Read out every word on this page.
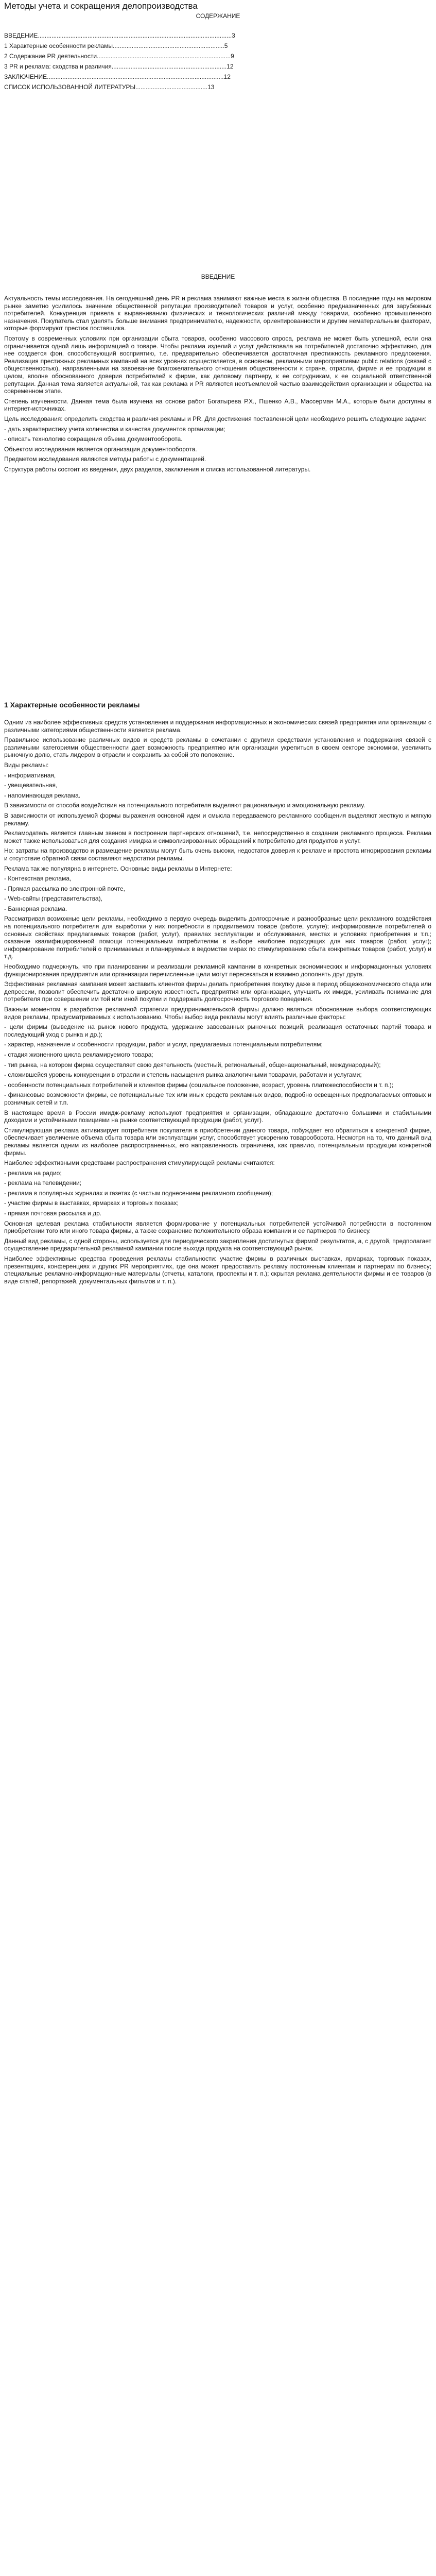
Методы учета и сокращения делопроизводства
СОДЕРЖАНИЕ
ВВЕДЕНИЕ.................................................................................................................3
1 Характерные особенности рекламы.................................................................5
2 Содержание PR деятельности..............................................................................9
3 PR и реклама: сходства и различия...................................................................12
ЗАКЛЮЧЕНИЕ.......................................................................................................12
СПИСОК ИСПОЛЬЗОВАННОЙ ЛИТЕРАТУРЫ..........................................13
ВВЕДЕНИЕ

Актуальность темы исследования. На сегодняшний день PR и реклама занимают важные места в жизни общества. В последние годы на мировом рынке заметно усилилось значение общественной репутации производителей товаров и услуг, особенно предназначенных для зарубежных потребителей. Конкуренция привела к выравниванию физических и технологических различий между товарами, особенно промышленного назначения. Покупатель стал уделять больше внимания предпринимателю, надежности, ориентированности и другим нематериальным факторам, которые формируют престиж поставщика.

Поэтому в современных условиях при организации сбыта товаров, особенно массового спроса, реклама не может быть успешной, если она ограничивается одной лишь информацией о товаре. Чтобы реклама изделий и услуг действовала на потребителей достаточно эффективно, для нее создается фон, способствующий восприятию, т.е. предварительно обеспечивается достаточная престижность рекламного предложения. Реализация престижных рекламных кампаний на всех уровнях осуществляется, в основном, рекламными мероприятиями public relations (связей с общественностью), направленными на завоевание благожелательного отношения общественности к стране, отрасли, фирме и ее продукции в целом, вполне обоснованного доверия потребителей к фирме, как деловому партнеру, к ее сотрудникам, к ее социальной ответственной репутации. Данная тема является актуальной, так как реклама и PR являются неотъемлемой частью взаимодействия организации и общества на современном этапе.

Степень изученности. Данная тема была изучена на основе работ Богатырева Р.Х., Пшенко А.В., Массерман М.А., которые были доступны в интернет-источниках.

Цель исследования: определить сходства и различия рекламы и PR. Для достижения поставленной цели необходимо решить следующие задачи:

- дать характеристику учета количества и качества документов организации;

- описать технологию сокращения объема документооборота.

Объектом исследования является организация документооборота.

Предметом исследования являются методы работы с документацией.

Структура работы состоит из введения, двух разделов, заключения и списка использованной литературы.

1 Характерные особенности рекламы

Одним из наиболее эффективных средств установления и поддержания информационных и экономических связей предприятия или организации с различными категориями общественности является реклама.

Правильное использование различных видов и средств рекламы в сочетании с другими средствами установления и поддержания связей с различными категориями общественности дает возможность предприятию или организации укрепиться в своем секторе экономики, увеличить рыночную долю, стать лидером в отрасли и сохранить за собой это положение.

Виды рекламы:

- информативная,

- увещевательная,

- напоминающая реклама.

В зависимости от способа воздействия на потенциального потребителя выделяют рациональную и эмоциональную рекламу.

В зависимости от используемой формы выражения основной идеи и смысла передаваемого рекламного сообщения выделяют жесткую и мягкую рекламу.

Рекламодатель является главным звеном в построении партнерских отношений, т.е. непосредственно в создании рекламного процесса. Реклама может также использоваться для создания имиджа и символизированных обращений к потребителю для продуктов и услуг.

Но: затраты на производство и размещение рекламы могут быть очень высоки, недостаток доверия к рекламе и простота игнорирования рекламы и отсутствие обратной связи составляют недостатки рекламы.

Реклама так же популярна в интернете. Основные виды рекламы в Интернете:

- Контекстная реклама,

- Прямая рассылка по электронной почте,

- Web-сайты (представительства),

- Баннерная реклама.

Рассматривая возможные цели рекламы, необходимо в первую очередь выделить долгосрочные и разнообразные цели рекламного воздействия на потенциального потребителя для выработки у них потребности в продвигаемом товаре (работе, услуге); информирование потребителей о основных свойствах предлагаемых товаров (работ, услуг), правилах эксплуатации и обслуживания, местах и условиях приобретения и т.п.; оказание квалифицированной помощи потенциальным потребителям в выборе наиболее подходящих для них товаров (работ, услуг); информирование потребителей о принимаемых и планируемых в ведомстве мерах по стимулированию сбыта конкретных товаров (работ, услуг) и т.д.

Необходимо подчеркнуть, что при планировании и реализации рекламной кампании в конкретных экономических и информационных условиях функционирования предприятия или организации перечисленные цели могут пересекаться и взаимно дополнять друг друга.

Эффективная рекламная кампания может заставить клиентов фирмы делать приобретения покупку даже в период общеэкономического спада или депрессии, позволит обеспечить достаточно широкую известность предприятия или организации, улучшить их имидж, усиливать понимание для потребителя при совершении им той или иной покупки и поддержать долгосрочность торгового поведения.

Важным моментом в разработке рекламной стратегии предпринимательской фирмы должно являться обоснование выбора соответствующих видов рекламы, предусматриваемых к использованию. Чтобы выбор вида рекламы могут влиять различные факторы:

- цели фирмы (выведение на рынок нового продукта, удержание завоеванных рыночных позиций, реализация остаточных партий товара и последующий уход с рынка и др.);

- характер, назначение и особенности продукции, работ и услуг, предлагаемых потенциальным потребителям;

- стадия жизненного цикла рекламируемого товара;

- тип рынка, на котором фирма осуществляет свою деятельность (местный, региональный, общенациональный, международный);

- сложившейся уровень конкуренции в отрасли и степень насыщения рынка аналогичными товарами, работами и услугами;

- особенности потенциальных потребителей и клиентов фирмы (социальное положение, возраст, уровень платежеспособности и т. п.);

- финансовые возможности фирмы, ее потенциальные тех или иных средств рекламных видов, подробно освещенных предполагаемых оптовых и розничных сетей и т.п.

В настоящее время в России имидж-рекламу используют предприятия и организации, обладающие достаточно большими и стабильными доходами и устойчивыми позициями на рынке соответствующей продукции (работ, услуг).

Стимулирующая реклама активизирует потребителя покупателя в приобретении данного товара, побуждает его обратиться к конкретной фирме, обеспечивает увеличение объема сбыта товара или эксплуатации услуг, способствует ускорению товарооборота. Несмотря на то, что данный вид рекламы является одним из наиболее распространенных, его направленность ограничена, как правило, потенциальным продукции конкретной фирмы.

Наиболее эффективными средствами распространения стимулирующей рекламы считаются:

- реклама на радио;

- реклама на телевидении;

- реклама в популярных журналах и газетах (с частым поднесением рекламного сообщения);

- участие фирмы в выставках, ярмарках и торговых показах;

- прямая почтовая рассылка и др.

Основная целевая реклама стабильности является формирование у потенциальных потребителей устойчивой потребности в постоянном приобретении того или иного товара фирмы, а также сохранение положительного образа компании и ее партнеров по бизнесу.

Данный вид рекламы, с одной стороны, используется для периодического закрепления достигнутых фирмой результатов, а, с другой, предполагает осуществление предварительной рекламной кампании после выхода продукта на соответствующий рынок.

Наиболее эффективные средства проведения рекламы стабильности: участие фирмы в различных выставках, ярмарках, торговых показах, презентациях, конференциях и других PR мероприятиях, где она может предоставить рекламу постоянным клиентам и партнерам по бизнесу; специальные рекламно-информационные материалы (отчеты, каталоги, проспекты и т. п.); скрытая реклама деятельности фирмы и ее товаров (в виде статей, репортажей, документальных фильмов и т. п.).
